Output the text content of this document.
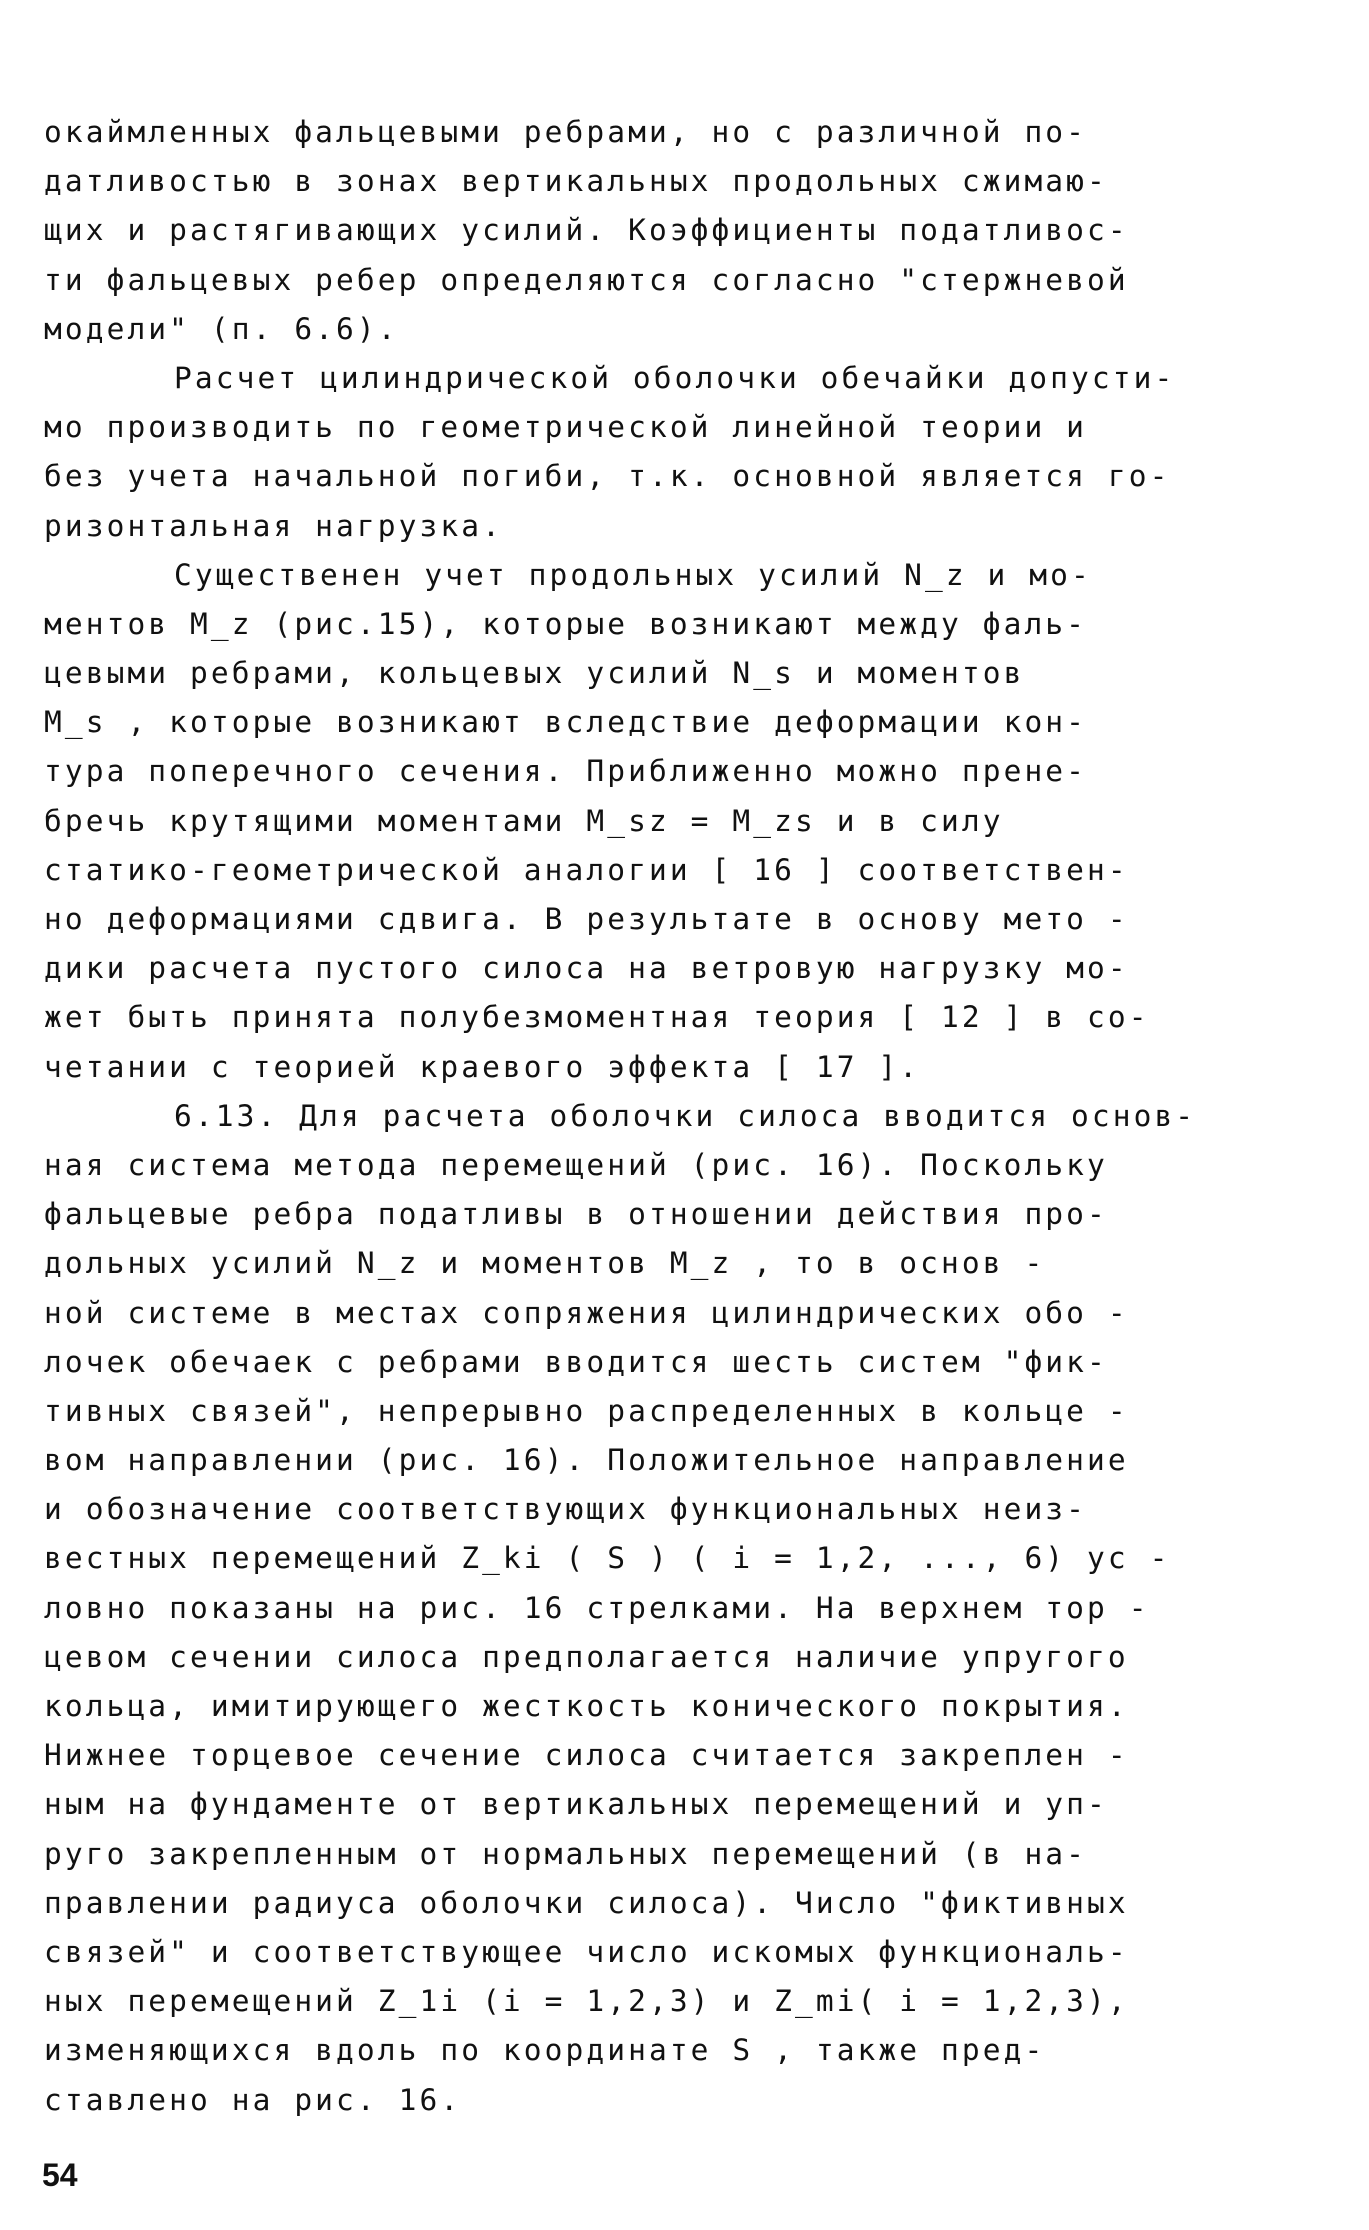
окаймленных фальцевыми ребрами, но с различной по-
датливостью в зонах вертикальных продольных сжимаю-
щих и растягивающих усилий. Коэффициенты податливос-
ти фальцевых ребер определяются согласно "стержневой
модели" (п. 6.6).
Расчет цилиндрической оболочки обечайки допусти-
мо производить по геометрической линейной теории и
без учета начальной погиби, т.к. основной является го-
ризонтальная нагрузка.
Существенен учет продольных усилий N_z и мо-
ментов M_z (рис.15), которые возникают между фаль-
цевыми ребрами, кольцевых усилий N_s и моментов
M_s , которые возникают вследствие деформации кон-
тура поперечного сечения. Приближенно можно прене-
бречь крутящими моментами M_sz = M_zs и в силу
статико-геометрической аналогии [ 16 ] соответствен-
но деформациями сдвига. В результате в основу мето -
дики расчета пустого силоса на ветровую нагрузку мо-
жет быть принята полубезмоментная теория [ 12 ] в со-
четании с теорией краевого эффекта [ 17 ].
6.13. Для расчета оболочки силоса вводится основ-
ная система метода перемещений (рис. 16). Поскольку
фальцевые ребра податливы в отношении действия про-
дольных усилий N_z и моментов M_z , то в основ -
ной системе в местах сопряжения цилиндрических обо -
лочек обечаек с ребрами вводится шесть систем "фик-
тивных связей", непрерывно распределенных в кольце -
вом направлении (рис. 16). Положительное направление
и обозначение соответствующих функциональных неиз-
вестных перемещений Z_ki ( S ) ( i = 1,2, ..., 6) ус -
ловно показаны на рис. 16 стрелками. На верхнем тор -
цевом сечении силоса предполагается наличие упругого
кольца, имитирующего жесткость конического покрытия.
Нижнее торцевое сечение силоса считается закреплен -
ным на фундаменте от вертикальных перемещений и уп-
руго закрепленным от нормальных перемещений (в на-
правлении радиуса оболочки силоса). Число "фиктивных
связей" и соответствующее число искомых функциональ-
ных перемещений Z_1i (i = 1,2,3) и Z_mi( i = 1,2,3),
изменяющихся вдоль по координате S , также пред-
ставлено на рис. 16.
54
